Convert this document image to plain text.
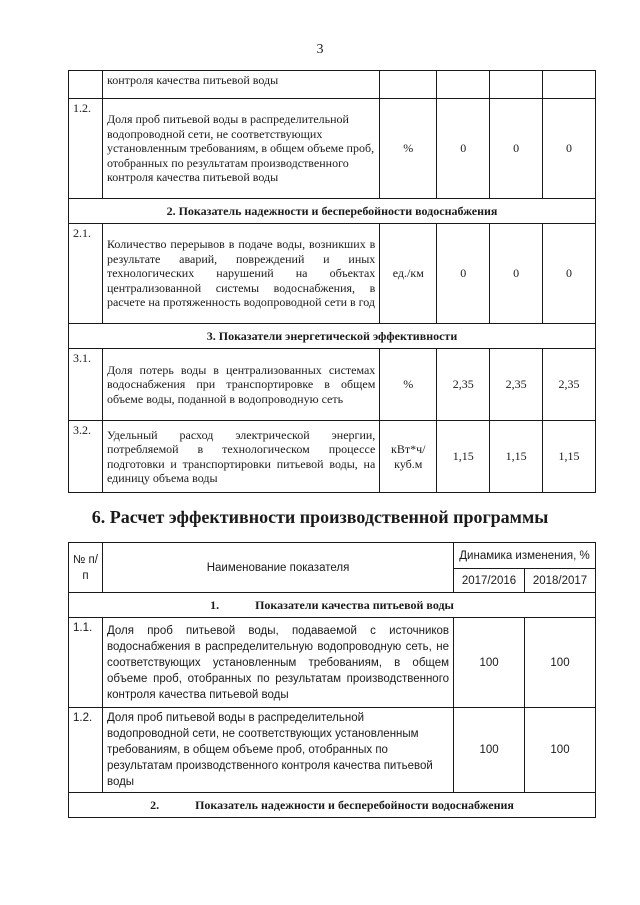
3
	контроля качества питьевой воды				
1.2.	Доля проб питьевой воды в распределительной водопроводной сети, не соответствующих установленным требованиям, в общем объеме проб, отобранных по результатам производственного контроля качества питьевой воды	%	0	0	0
2. Показатель надежности и бесперебойности водоснабжения					
2.1.	Количество перерывов в подаче воды, возникших в результате аварий, повреждений и иных технологических нарушений на объектах централизованной системы водоснабжения, в расчете на протяженность водопроводной сети в год	ед./км	0	0	0
3. Показатели энергетической эффективности					
3.1.	Доля потерь воды в централизованных системах водоснабжения при транспортировке в общем объеме воды, поданной в водопроводную сеть	%	2,35	2,35	2,35
3.2.	Удельный расход электрической энергии, потребляемой в технологическом процессе подготовки и транспортировки питьевой воды, на единицу объема воды	кВт*ч/ куб.м	1,15	1,15	1,15
6. Расчет эффективности производственной программы
№ п/п	Наименование показателя	Динамика изменения, %	
		2017/2016	2018/2017
1. Показатели качества питьевой воды			
1.1.	Доля проб питьевой воды, подаваемой с источников водоснабжения в распределительную водопроводную сеть, не соответствующих установленным требованиям, в общем объеме проб, отобранных по результатам производственного контроля качества питьевой воды	100	100
1.2.	Доля проб питьевой воды в распределительной водопроводной сети, не соответствующих установленным требованиям, в общем объеме проб, отобранных по результатам производственного контроля качества питьевой воды	100	100
2. Показатель надежности и бесперебойности водоснабжения			
